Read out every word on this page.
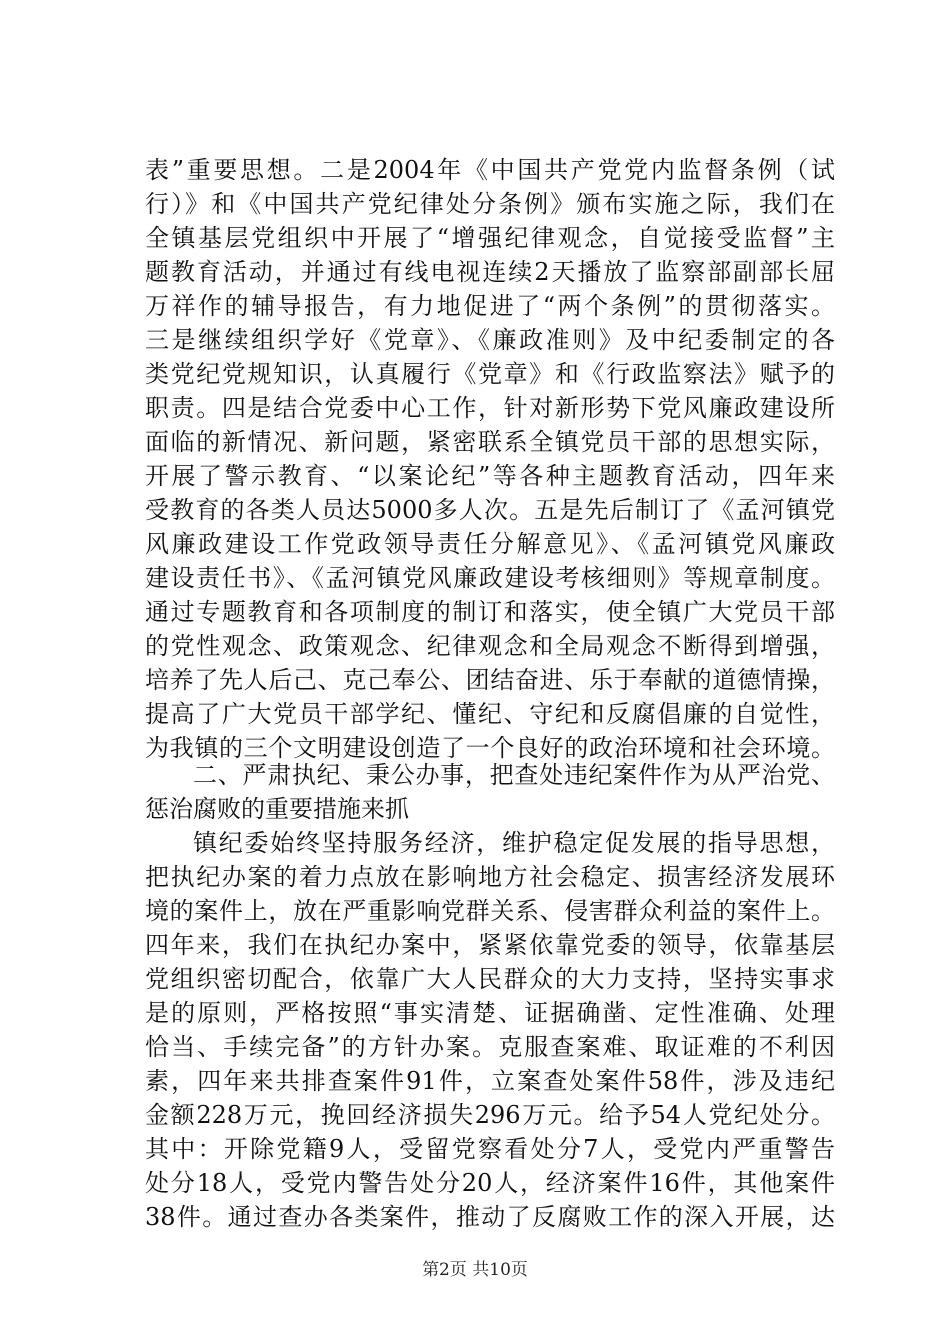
表”重要思想。二是2004年《中国共产党党内监督条例（试
行）》和《中国共产党纪律处分条例》颁布实施之际，我们在
全镇基层党组织中开展了“增强纪律观念，自觉接受监督”主
题教育活动，并通过有线电视连续2天播放了监察部副部长屈
万祥作的辅导报告，有力地促进了“两个条例”的贯彻落实。
三是继续组织学好《党章》、《廉政准则》及中纪委制定的各
类党纪党规知识，认真履行《党章》和《行政监察法》赋予的
职责。四是结合党委中心工作，针对新形势下党风廉政建设所
面临的新情况、新问题，紧密联系全镇党员干部的思想实际，
开展了警示教育、“以案论纪”等各种主题教育活动，四年来
受教育的各类人员达5000多人次。五是先后制订了《孟河镇党
风廉政建设工作党政领导责任分解意见》、《孟河镇党风廉政
建设责任书》、《孟河镇党风廉政建设考核细则》等规章制度。
通过专题教育和各项制度的制订和落实，使全镇广大党员干部
的党性观念、政策观念、纪律观念和全局观念不断得到增强，
培养了先人后己、克己奉公、团结奋进、乐于奉献的道德情操，
提高了广大党员干部学纪、懂纪、守纪和反腐倡廉的自觉性，
为我镇的三个文明建设创造了一个良好的政治环境和社会环境。
二、严肃执纪、秉公办事，把查处违纪案件作为从严治党、
惩治腐败的重要措施来抓
镇纪委始终坚持服务经济，维护稳定促发展的指导思想，
把执纪办案的着力点放在影响地方社会稳定、损害经济发展环
境的案件上，放在严重影响党群关系、侵害群众利益的案件上。
四年来，我们在执纪办案中，紧紧依靠党委的领导，依靠基层
党组织密切配合，依靠广大人民群众的大力支持，坚持实事求
是的原则，严格按照“事实清楚、证据确凿、定性准确、处理
恰当、手续完备”的方针办案。克服查案难、取证难的不利因
素，四年来共排查案件91件，立案查处案件58件，涉及违纪
金额228万元，挽回经济损失296万元。给予54人党纪处分。
其中：开除党籍9人，受留党察看处分7人，受党内严重警告
处分18人，受党内警告处分20人，经济案件16件，其他案件
38件。通过查办各类案件，推动了反腐败工作的深入开展，达
第2页 共10页
